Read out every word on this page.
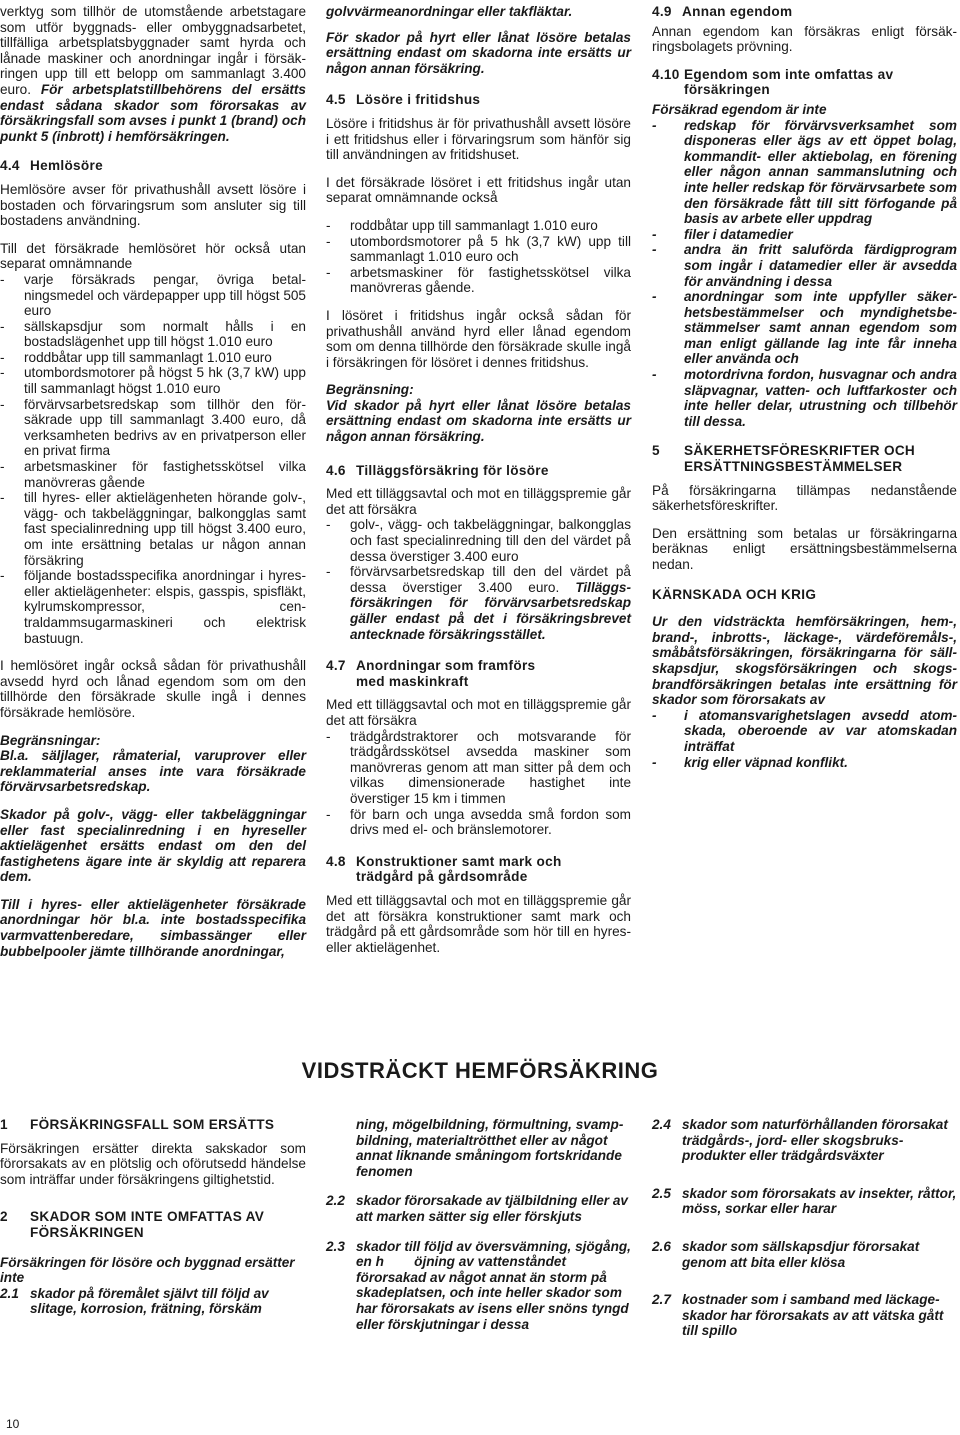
verktyg som tillhör de utomstående arbetstagare som utför byggnads- eller ombyggnadsarbetet, tillfälliga arbetsplatsbyggnader samt hyrda och lånade maskiner och anordningar ingår i försäkringen upp till ett belopp om sammanlagt 3.400 euro. För arbetsplatstillbehörens del ersätts endast sådana skador som förorsakas av försäkringsfall som avses i punkt 1 (brand) och punkt 5 (inbrott) i hemförsäkringen.

4.4 Hemlösöre

Hemlösöre avser för privathushåll avsett lösöre i bostaden och förvaringsrum som ansluter sig till bostadens användning.

Till det försäkrade hemlösöret hör också utan separat omnämnande

- varje försäkrads pengar, övriga betalningsmedel och värdepapper upp till högst 505 euro
- sällskapsdjur som normalt hålls i en bostadslägenhet upp till högst 1.010 euro
- roddbåtar upp till sammanlagt 1.010 euro
- utombordsmotorer på högst 5 hk (3,7 kW) upp till sammanlagt högst 1.010 euro
- förvärvsarbetsredskap som tillhör den försäkrade upp till sammanlagt 3.400 euro, då verksamheten bedrivs av en privatperson eller en privat firma
- arbetsmaskiner för fastighetsskötsel vilka manövreras gående
- till hyres- eller aktielägenheten hörande golv-, vägg- och takbeläggningar, balkongglas samt fast specialinredning upp till högst 3.400 euro, om inte ersättning betalas ur någon annan försäkring
- följande bostadsspecifika anordningar i hyres- eller aktielägenheter: elspis, gasspis, spisfläkt, kylrumskompressor, centraldammsugarmaskineri och elektrisk bastuugn.

I hemlösöret ingår också sådan för privathushåll avsedd hyrd och lånad egendom som om den tillhörde den försäkrade skulle ingå i dennes försäkrade hemlösöre.

Begränsningar:

Bl.a. säljlager, råmaterial, varuprover eller reklammaterial anses inte vara försäkrade förvärvsarbetsredskap.

Skador på golv-, vägg- eller takbeläggningar eller fast specialinredning i en hyreseller aktielägenhet ersätts endast om den del fastighetens ägare inte är skyldig att reparera dem.

Till i hyres- eller aktielägenheter försäkrade anordningar hör bl.a. inte bostadsspecifika varmvattenberedare, simbassänger eller bubbelpooler jämte tillhörande anordningar,

golvvärmeanordningar eller takfläktar.

För skador på hyrt eller lånat lösöre betalas ersättning endast om skadorna inte ersätts ur någon annan försäkring.

4.5 Lösöre i fritidshus

Lösöre i fritidshus är för privathushåll avsett lösöre i ett fritidshus eller i förvaringsrum som hänför sig till användningen av fritidshuset.

I det försäkrade lösöret i ett fritidshus ingår utan separat omnämnande också

- roddbåtar upp till sammanlagt 1.010 euro
- utombordsmotorer på 5 hk (3,7 kW) upp till sammanlagt 1.010 euro och
- arbetsmaskiner för fastighetsskötsel vilka manövreras gående.

I lösöret i fritidshus ingår också sådan för privathushåll använd hyrd eller lånad egendom som om denna tillhörde den försäkrade skulle ingå i försäkringen för lösöret i dennes fritidshus.

Begränsning:

Vid skador på hyrt eller lånat lösöre betalas ersättning endast om skadorna inte ersätts ur någon annan försäkring.

4.6 Tilläggsförsäkring för lösöre

Med ett tilläggsavtal och mot en tilläggspremie går det att försäkra

- golv-, vägg- och takbeläggningar, balkongglas och fast specialinredning till den del värdet på dessa överstiger 3.400 euro
- förvärvsarbetsredskap till den del värdet på dessa överstiger 3.400 euro. Tilläggsförsäkringen för förvärvsarbetsredskap gäller endast på det i försäkringsbrevet antecknade försäkringsstället.
4.7 Anordningar som framförs med maskinkraft

Med ett tilläggsavtal och mot en tilläggspremie går det att försäkra

- trädgårdstraktorer och motsvarande för trädgårdsskötsel avsedda maskiner som manövreras genom att man sitter på dem och vilkas dimensionerade hastighet inte överstiger 15 km i timmen
- för barn och unga avsedda små fordon som drivs med el- och bränslemotorer.
4.8 Konstruktioner samt mark och trädgård på gårdsområde

Med ett tilläggsavtal och mot en tilläggspremie går det att försäkra konstruktioner samt mark och trädgård på ett gårdsområde som hör till en hyres- eller aktielägenhet.

4.9 Annan egendom

Annan egendom kan försäkras enligt försäkringsbolagets prövning.

4.10 Egendom som inte omfattas av försäkringen
Försäkrad egendom är inte
- redskap för förvärvsverksamhet som disponeras eller ägs av ett öppet bolag, kommandit- eller aktiebolag, en förening eller någon annan sammanslutning och inte heller redskap för förvärvsarbete som den försäkrade fått till sitt förfogande på basis av arbete eller uppdrag
- filer i datamedier
- andra än fritt saluförda färdigprogram som ingår i datamedier eller är avsedda för användning i dessa
- anordningar som inte uppfyller säkerhetsbestämmelser och myndighetsbestämmelser samt annan egendom som man enligt gällande lag inte får inneha eller använda och
- motordrivna fordon, husvagnar och andra släpvagnar, vatten- och luftfarkoster och inte heller delar, utrustning och tillbehör till dessa.
5	SÄKERHETSFÖRESKRIFTER OCH ERSÄTTNINGSBESTÄMMELSER

På försäkringarna tillämpas nedanstående säkerhetsföreskrifter.

Den ersättning som betalas ur försäkringarna beräknas enligt ersättningsbestämmelserna nedan.

KÄRNSKADA OCH KRIG

Ur den vidsträckta hemförsäkringen, hem-, brand-, inbrotts-, läckage-, värdeföremåls-, småbåtsförsäkringen, försäkringarna för sällskapsdjur, skogsförsäkringen och skogsbrandförsäkringen betalas inte ersättning för skador som förorsakats av

- i atomansvarighetslagen avsedd atomskada, oberoende av var atomskadan inträffat
- krig eller väpnad konflikt.
VIDSTRÄCKT HEMFÖRSÄKRING
1 FÖRSÄKRINGSFALL SOM ERSÄTTS

Försäkringen ersätter direkta sakskador som förorsakats av en plötslig och oförutsedd händelse som inträffar under försäkringens giltighetstid.

2	SKADOR SOM INTE OMFATTAS AV FÖRSÄKRINGEN
Försäkringen för lösöre och byggnad ersätter inte
2.1 skador på föremålet självt till följd av slitage, korrosion, frätning, förskäm
ning, mögelbildning, förmultning, svampbildning, materialtrötthet eller av något annat liknande småningom fortskridande fenomen
2.2 skador förorsakade av tjälbildning eller av att marken sätter sig eller förskjuts
2.3 skador till följd av översvämning, sjögång, en h        öjning av vattenståndet förorsakad av något annat än storm på skadeplatsen, och inte heller skador som har förorsakats av isens eller snöns tyngd eller förskjutningar i dessa
2.4 skador som naturförhållanden förorsakat trädgårds-, jord- eller skogsbruksprodukter eller trädgårdsväxter
2.5 skador som förorsakats av insekter, råttor, möss, sorkar eller harar
2.6 skador som sällskapsdjur förorsakat genom att bita eller klösa
2.7 kostnader som i samband med läckageskador har förorsakats av att vätska gått till spillo
10
